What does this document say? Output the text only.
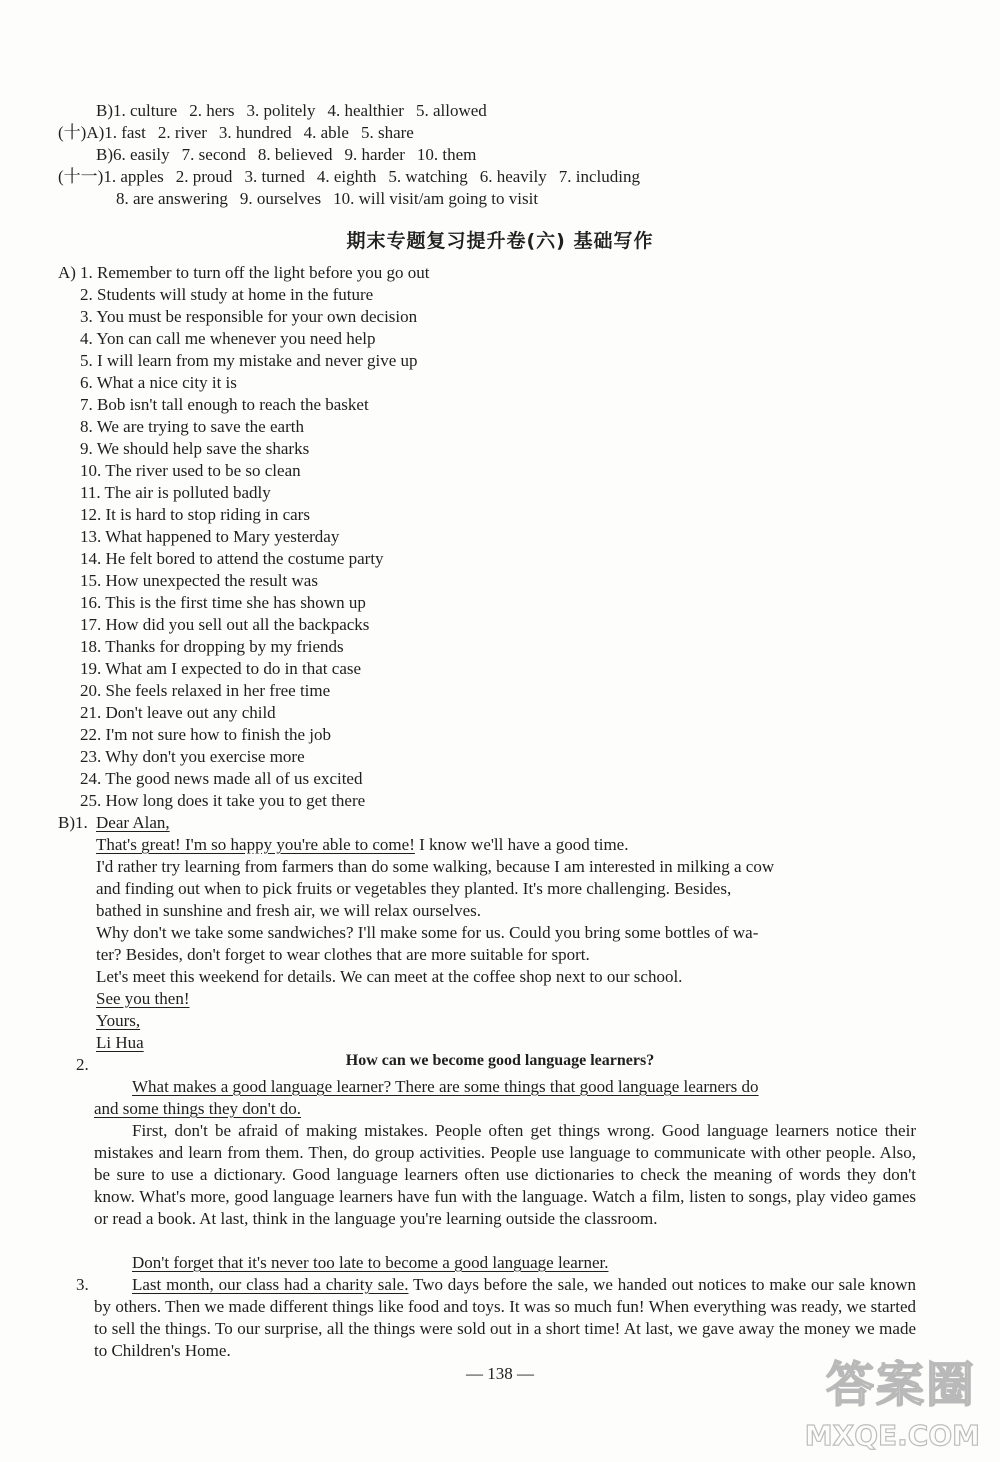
B)1. culture 2. hers 3. politely 4. healthier 5. allowed
(十)A)1. fast 2. river 3. hundred 4. able 5. share
B)6. easily 7. second 8. believed 9. harder 10. them
(十一)1. apples 2. proud 3. turned 4. eighth 5. watching 6. heavily 7. including
8. are answering 9. ourselves 10. will visit/am going to visit
期末专题复习提升卷(六) 基础写作
A) 1. Remember to turn off the light before you go out
2. Students will study at home in the future
3. You must be responsible for your own decision
4. Yon can call me whenever you need help
5. I will learn from my mistake and never give up
6. What a nice city it is
7. Bob isn't tall enough to reach the basket
8. We are trying to save the earth
9. We should help save the sharks
10. The river used to be so clean
11. The air is polluted badly
12. It is hard to stop riding in cars
13. What happened to Mary yesterday
14. He felt bored to attend the costume party
15. How unexpected the result was
16. This is the first time she has shown up
17. How did you sell out all the backpacks
18. Thanks for dropping by my friends
19. What am I expected to do in that case
20. She feels relaxed in her free time
21. Don't leave out any child
22. I'm not sure how to finish the job
23. Why don't you exercise more
24. The good news made all of us excited
25. How long does it take you to get there
B)1. Dear Alan,
That's great! I'm so happy you're able to come! I know we'll have a good time.
I'd rather try learning from farmers than do some walking, because I am interested in milking a cow
and finding out when to pick fruits or vegetables they planted. It's more challenging. Besides,
bathed in sunshine and fresh air, we will relax ourselves.
Why don't we take some sandwiches? I'll make some for us. Could you bring some bottles of wa-
ter? Besides, don't forget to wear clothes that are more suitable for sport.
Let's meet this weekend for details. We can meet at the coffee shop next to our school.
See you then!
Yours,
Li Hua
2.	How can we become good language learners?
What makes a good language learner? There are some things that good language learners do
and some things they don't do.
First, don't be afraid of making mistakes. People often get things wrong. Good language learners notice their mistakes and learn from them. Then, do group activities. People use language to communicate with other people. Also, be sure to use a dictionary. Good language learners often use dictionaries to check the meaning of words they don't know. What's more, good language learners have fun with the language. Watch a film, listen to songs, play video games or read a book. At last, think in the language you're learning outside the classroom.
Don't forget that it's never too late to become a good language learner.
3.	Last month, our class had a charity sale. Two days before the sale, we handed out notices to make our sale known by others. Then we made different things like food and toys. It was so much fun! When everything was ready, we started to sell the things. To our surprise, all the things were sold out in a short time! At last, we gave away the money we made to Children's Home.
— 138 —	答案圈
MXQE.COM
